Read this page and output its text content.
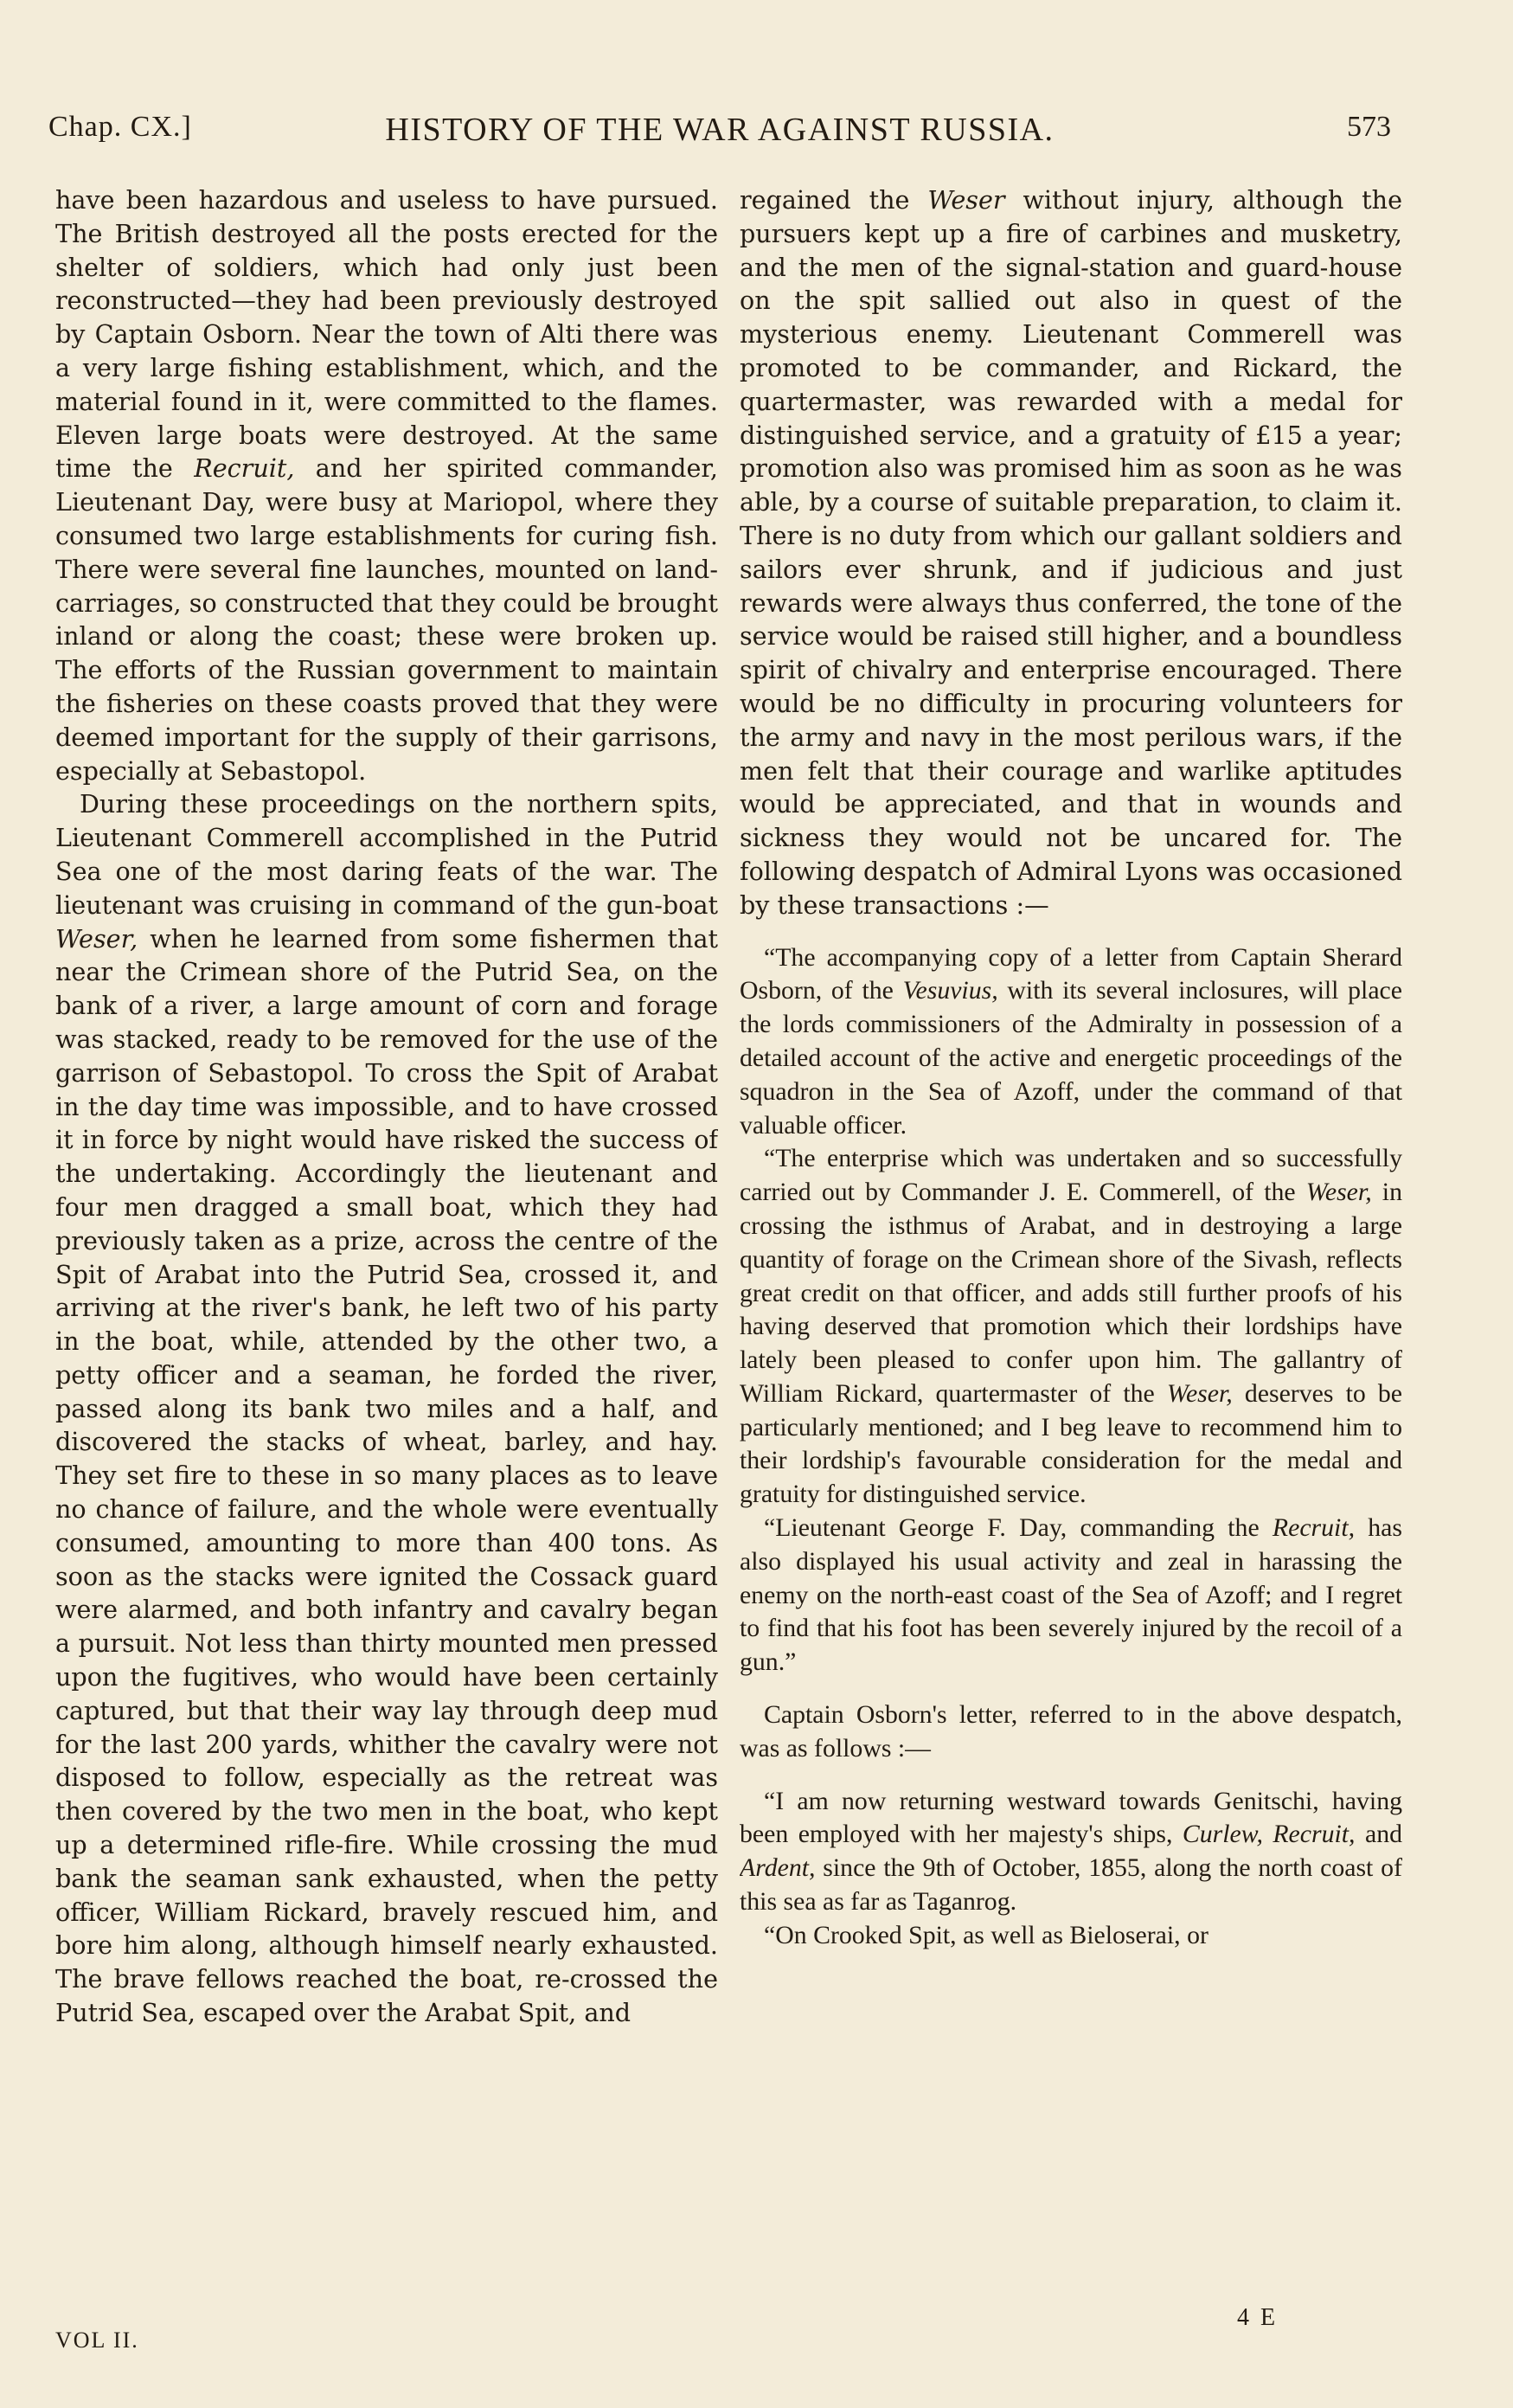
Chap. CX.]	HISTORY OF THE WAR AGAINST RUSSIA.	573

have been hazardous and useless to have pursued. The British destroyed all the posts erected for the shelter of soldiers, which had only just been reconstructed—they had been previously destroyed by Captain Osborn. Near the town of Alti there was a very large fishing establishment, which, and the material found in it, were committed to the flames. Eleven large boats were destroyed. At the same time the Recruit, and her spirited commander, Lieutenant Day, were busy at Mariopol, where they consumed two large establishments for curing fish. There were several fine launches, mounted on land-carriages, so constructed that they could be brought inland or along the coast; these were broken up. The efforts of the Russian government to maintain the fisheries on these coasts proved that they were deemed important for the supply of their garrisons, especially at Sebastopol.

During these proceedings on the northern spits, Lieutenant Commerell accomplished in the Putrid Sea one of the most daring feats of the war. The lieutenant was cruising in command of the gun-boat Weser, when he learned from some fishermen that near the Crimean shore of the Putrid Sea, on the bank of a river, a large amount of corn and forage was stacked, ready to be removed for the use of the garrison of Sebastopol. To cross the Spit of Arabat in the day time was impossible, and to have crossed it in force by night would have risked the success of the undertaking. Accordingly the lieutenant and four men dragged a small boat, which they had previously taken as a prize, across the centre of the Spit of Arabat into the Putrid Sea, crossed it, and arriving at the river's bank, he left two of his party in the boat, while, attended by the other two, a petty officer and a seaman, he forded the river, passed along its bank two miles and a half, and discovered the stacks of wheat, barley, and hay. They set fire to these in so many places as to leave no chance of failure, and the whole were eventually consumed, amounting to more than 400 tons. As soon as the stacks were ignited the Cossack guard were alarmed, and both infantry and cavalry began a pursuit. Not less than thirty mounted men pressed upon the fugitives, who would have been certainly captured, but that their way lay through deep mud for the last 200 yards, whither the cavalry were not disposed to follow, especially as the retreat was then covered by the two men in the boat, who kept up a determined rifle-fire. While crossing the mud bank the seaman sank exhausted, when the petty officer, William Rickard, bravely rescued him, and bore him along, although himself nearly exhausted. The brave fellows reached the boat, re-crossed the Putrid Sea, escaped over the Arabat Spit, and

regained the Weser without injury, although the pursuers kept up a fire of carbines and musketry, and the men of the signal-station and guard-house on the spit sallied out also in quest of the mysterious enemy. Lieutenant Commerell was promoted to be commander, and Rickard, the quartermaster, was rewarded with a medal for distinguished service, and a gratuity of £15 a year; promotion also was promised him as soon as he was able, by a course of suitable preparation, to claim it. There is no duty from which our gallant soldiers and sailors ever shrunk, and if judicious and just rewards were always thus conferred, the tone of the service would be raised still higher, and a boundless spirit of chivalry and enterprise encouraged. There would be no difficulty in procuring volunteers for the army and navy in the most perilous wars, if the men felt that their courage and warlike aptitudes would be appreciated, and that in wounds and sickness they would not be uncared for. The following despatch of Admiral Lyons was occasioned by these transactions :—

“The accompanying copy of a letter from Captain Sherard Osborn, of the Vesuvius, with its several inclosures, will place the lords commissioners of the Admiralty in possession of a detailed account of the active and energetic proceedings of the squadron in the Sea of Azoff, under the command of that valuable officer.

“The enterprise which was undertaken and so successfully carried out by Commander J. E. Commerell, of the Weser, in crossing the isthmus of Arabat, and in destroying a large quantity of forage on the Crimean shore of the Sivash, reflects great credit on that officer, and adds still further proofs of his having deserved that promotion which their lordships have lately been pleased to confer upon him. The gallantry of William Rickard, quartermaster of the Weser, deserves to be particularly mentioned; and I beg leave to recommend him to their lordship's favourable consideration for the medal and gratuity for distinguished service.

“Lieutenant George F. Day, commanding the Recruit, has also displayed his usual activity and zeal in harassing the enemy on the north-east coast of the Sea of Azoff; and I regret to find that his foot has been severely injured by the recoil of a gun.”

Captain Osborn's letter, referred to in the above despatch, was as follows :—

“I am now returning westward towards Genitschi, having been employed with her majesty's ships, Curlew, Recruit, and Ardent, since the 9th of October, 1855, along the north coast of this sea as far as Taganrog.

“On Crooked Spit, as well as Bieloserai, or

VOL II.
4 E
